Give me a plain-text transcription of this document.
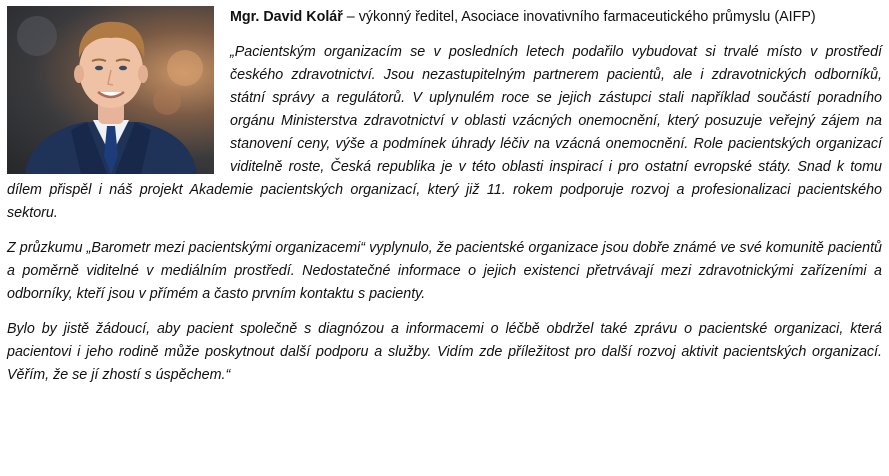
Mgr. David Kolář – výkonný ředitel, Asociace inovativního farmaceutického průmyslu (AIFP)

„Pacientským organizacím se v posledních letech podařilo vybudovat si trvalé místo v prostředí českého zdravotnictví. Jsou nezastupitelným partnerem pacientů, ale i zdravotnických odborníků, státní správy a regulátorů. V uplynulém roce se jejich zástupci stali například součástí poradního orgánu Ministerstva zdravotnictví v oblasti vzácných onemocnění, který posuzuje veřejný zájem na stanovení ceny, výše a podmínek úhrady léčiv na vzácná onemocnění. Role pacientských organizací viditelně roste, Česká republika je v této oblasti inspirací i pro ostatní evropské státy. Snad k tomu dílem přispěl i náš projekt Akademie pacientských organizací, který již 11. rokem podporuje rozvoj a profesionalizaci pacientského sektoru.

Z průzkumu „Barometr mezi pacientskými organizacemi“ vyplynulo, že pacientské organizace jsou dobře známé ve své komunitě pacientů a poměrně viditelné v mediálním prostředí. Nedostatečné informace o jejich existenci přetrvávají mezi zdravotnickými zařízeními a odborníky, kteří jsou v přímém a často prvním kontaktu s pacienty.

Bylo by jistě žádoucí, aby pacient společně s diagnózou a informacemi o léčbě obdržel také zprávu o pacientské organizaci, která pacientovi i jeho rodině může poskytnout další podporu a služby. Vidím zde příležitost pro další rozvoj aktivit pacientských organizací. Věřím, že se jí zhostí s úspěchem.“
